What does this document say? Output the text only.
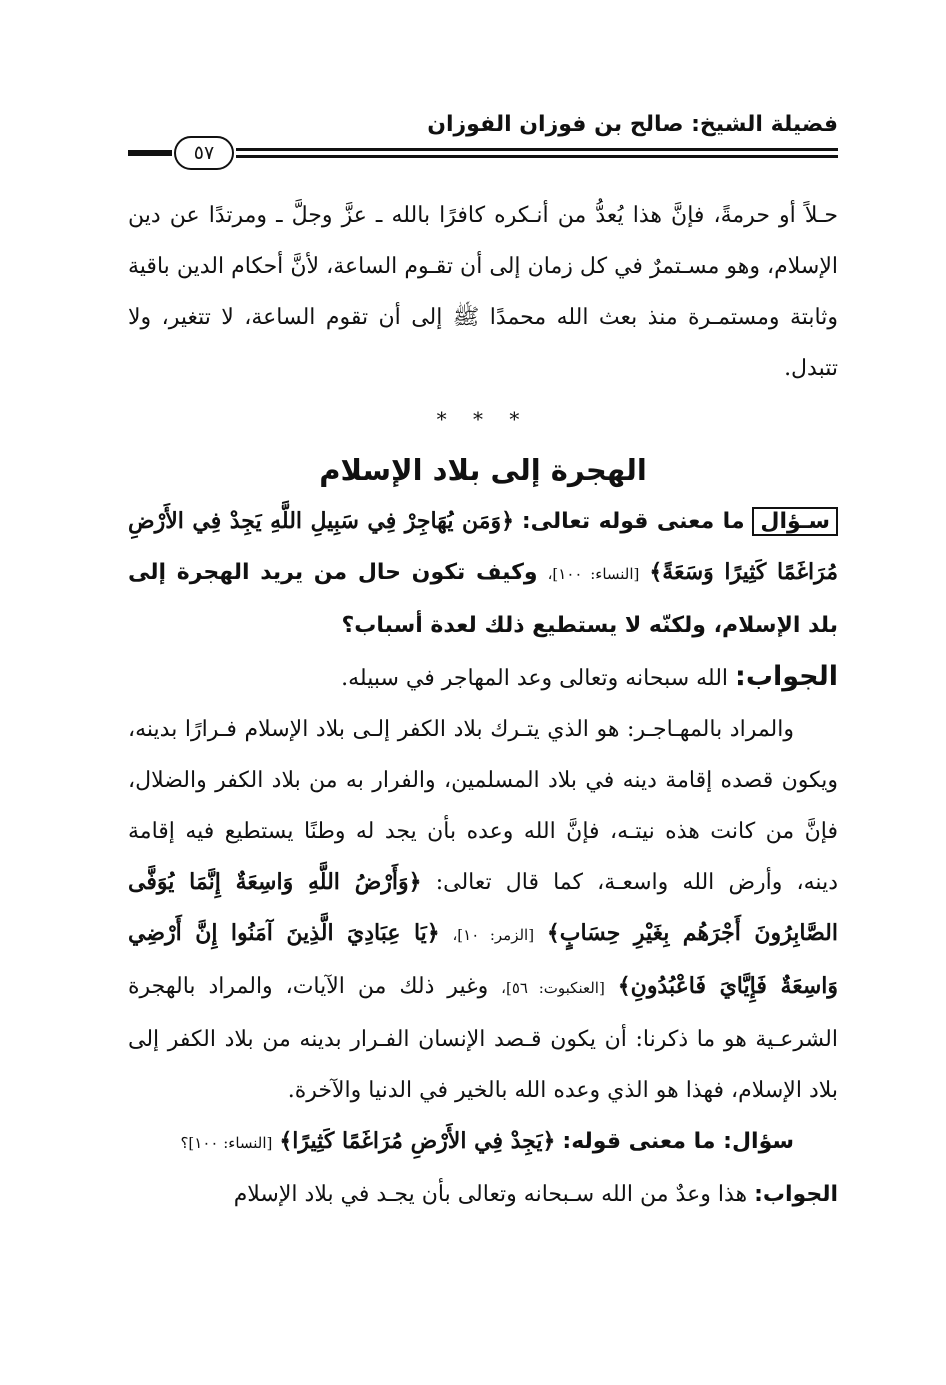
فضيلة الشيخ: صالح بن فوزان الفوزان
٥٧

حـلاً أو حرمةً، فإنَّ هذا يُعدُّ من أنـكره كافرًا بالله ـ عزَّ وجلَّ ـ ومرتدًا عن دين الإسلام، وهو مسـتمرٌ في كل زمان إلى أن تقـوم الساعة، لأنَّ أحكام الدين باقية وثابتة ومستمـرة منذ بعث الله محمدًا ﷺ إلى أن تقوم الساعة، لا تتغير، ولا تتبدل.

* * *

الهجرة إلى بلاد الإسلام

سـؤال ما معنى قوله تعالى: ﴿وَمَن يُهَاجِرْ فِي سَبِيلِ اللَّهِ يَجِدْ فِي الأَرْضِ مُرَاغَمًا كَثِيرًا وَسَعَةً﴾ [النساء: ١٠٠]، وكيف تكون حال من يريد الهجرة إلى بلد الإسلام، ولكنّه لا يستطيع ذلك لعدة أسباب؟

الجواب: الله سبحانه وتعالى وعد المهاجر في سبيله.

والمراد بالمهـاجـر: هو الذي يتـرك بلاد الكفر إلـى بلاد الإسلام فـرارًا بدينه، ويكون قصده إقامة دينه في بلاد المسلمين، والفرار به من بلاد الكفر والضلال، فإنَّ من كانت هذه نيتـه، فإنَّ الله وعده بأن يجد له وطنًا يستطيع فيه إقامة دينه، وأرض الله واسعـة، كما قال تعالى: ﴿وَأَرْضُ اللَّهِ وَاسِعَةٌ إِنَّمَا يُوَفَّى الصَّابِرُونَ أَجْرَهُم بِغَيْرِ حِسَابٍ﴾ [الزمر: ١٠]، ﴿يَا عِبَادِيَ الَّذِينَ آمَنُوا إِنَّ أَرْضِي وَاسِعَةٌ فَإِيَّايَ فَاعْبُدُونِ﴾ [العنكبوت: ٥٦]، وغير ذلك من الآيات، والمراد بالهجرة الشرعـية هو ما ذكرنا: أن يكون قـصد الإنسان الفـرار بدينه من بلاد الكفر إلى بلاد الإسلام، فهذا هو الذي وعده الله بالخير في الدنيا والآخرة.

سؤال: ما معنى قوله: ﴿يَجِدْ فِي الأَرْضِ مُرَاغَمًا كَثِيرًا﴾ [النساء: ١٠٠]؟

الجواب: هذا وعدٌ من الله سـبحانه وتعالى بأن يجـد في بلاد الإسلام
